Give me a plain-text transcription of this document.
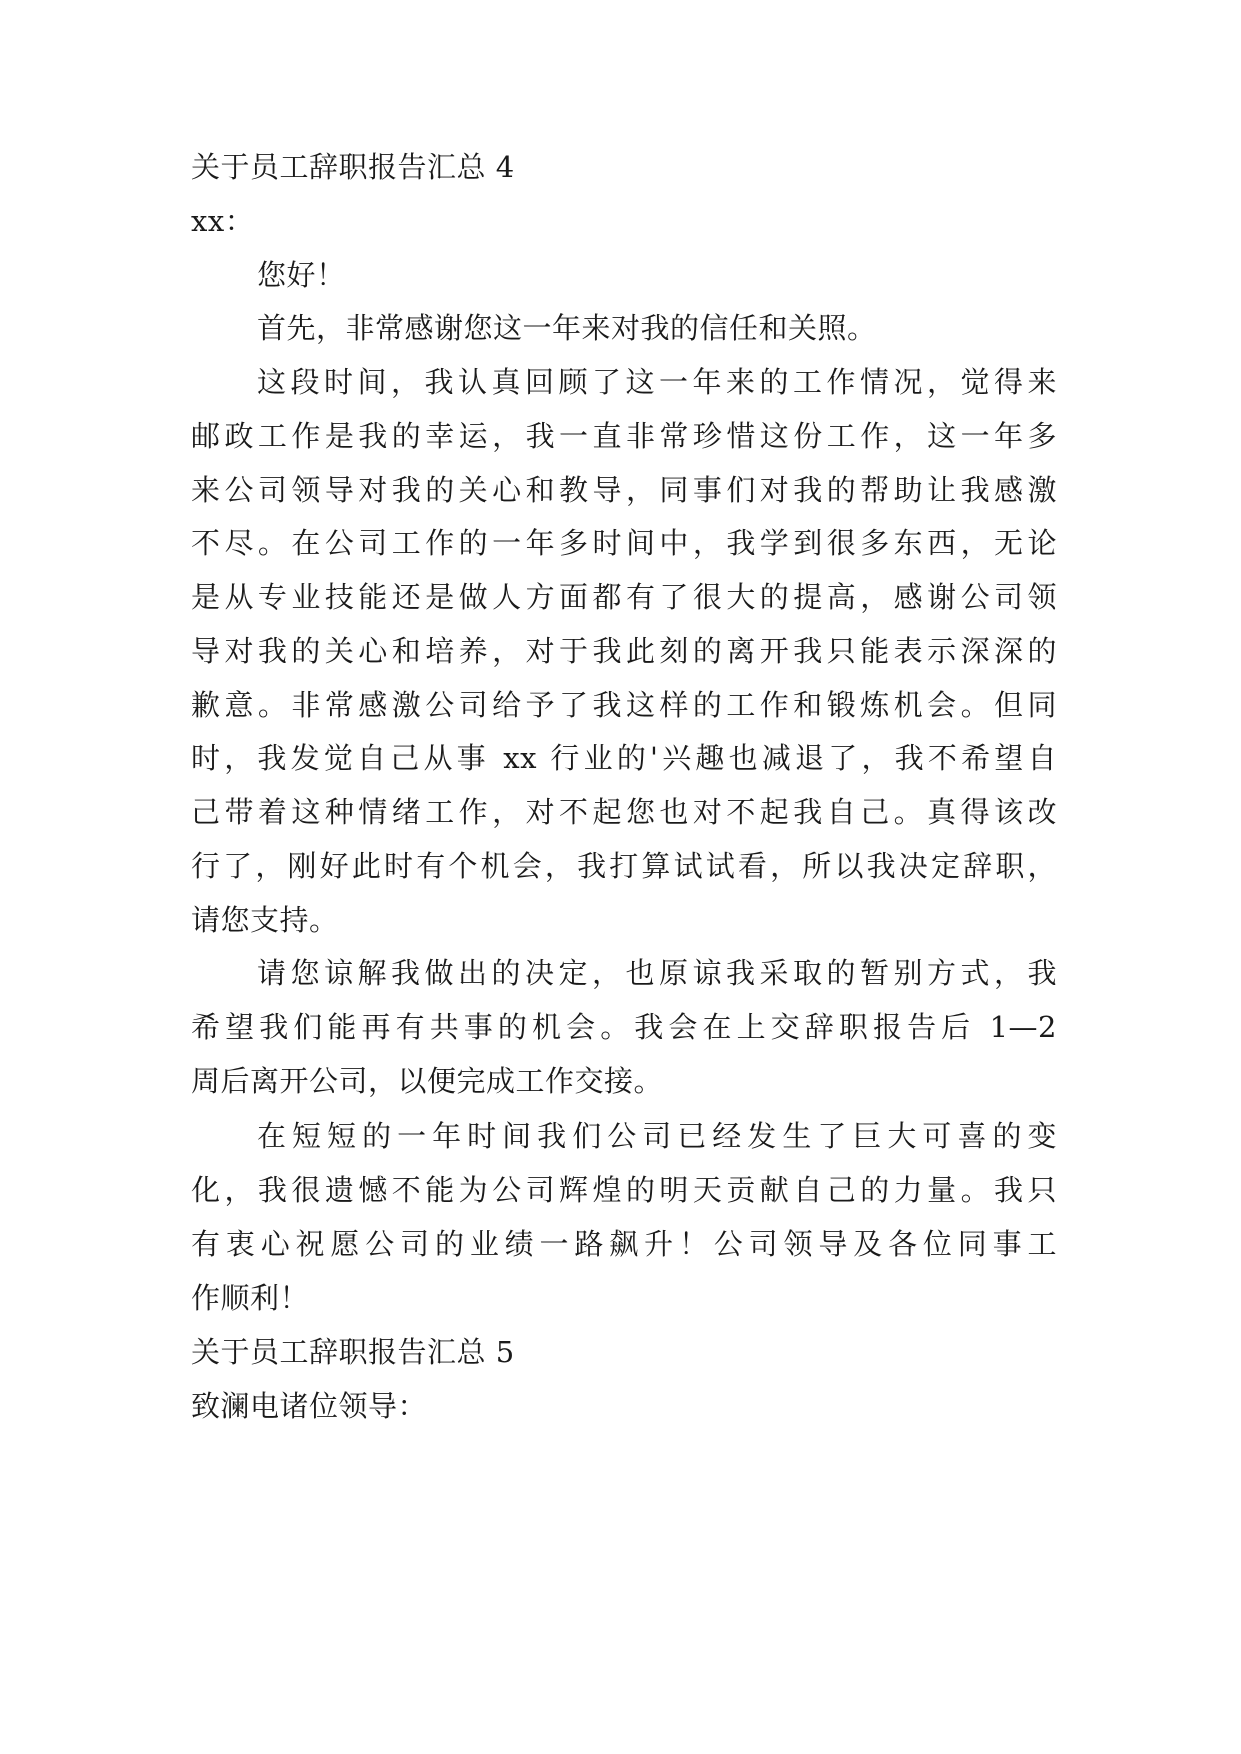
关于员工辞职报告汇总 4
xx：
您好！
首先，非常感谢您这一年来对我的信任和关照。
这段时间，我认真回顾了这一年来的工作情况，觉得来
邮政工作是我的幸运，我一直非常珍惜这份工作，这一年多
来公司领导对我的关心和教导，同事们对我的帮助让我感激
不尽。在公司工作的一年多时间中，我学到很多东西，无论
是从专业技能还是做人方面都有了很大的提高，感谢公司领
导对我的关心和培养，对于我此刻的离开我只能表示深深的
歉意。非常感激公司给予了我这样的工作和锻炼机会。但同
时，我发觉自己从事 xx 行业的'兴趣也减退了，我不希望自
己带着这种情绪工作，对不起您也对不起我自己。真得该改
行了，刚好此时有个机会，我打算试试看，所以我决定辞职，
请您支持。
请您谅解我做出的决定，也原谅我采取的暂别方式，我
希望我们能再有共事的机会。我会在上交辞职报告后 1—2
周后离开公司，以便完成工作交接。
在短短的一年时间我们公司已经发生了巨大可喜的变
化，我很遗憾不能为公司辉煌的明天贡献自己的力量。我只
有衷心祝愿公司的业绩一路飙升！公司领导及各位同事工
作顺利！
关于员工辞职报告汇总 5
致澜电诸位领导：
